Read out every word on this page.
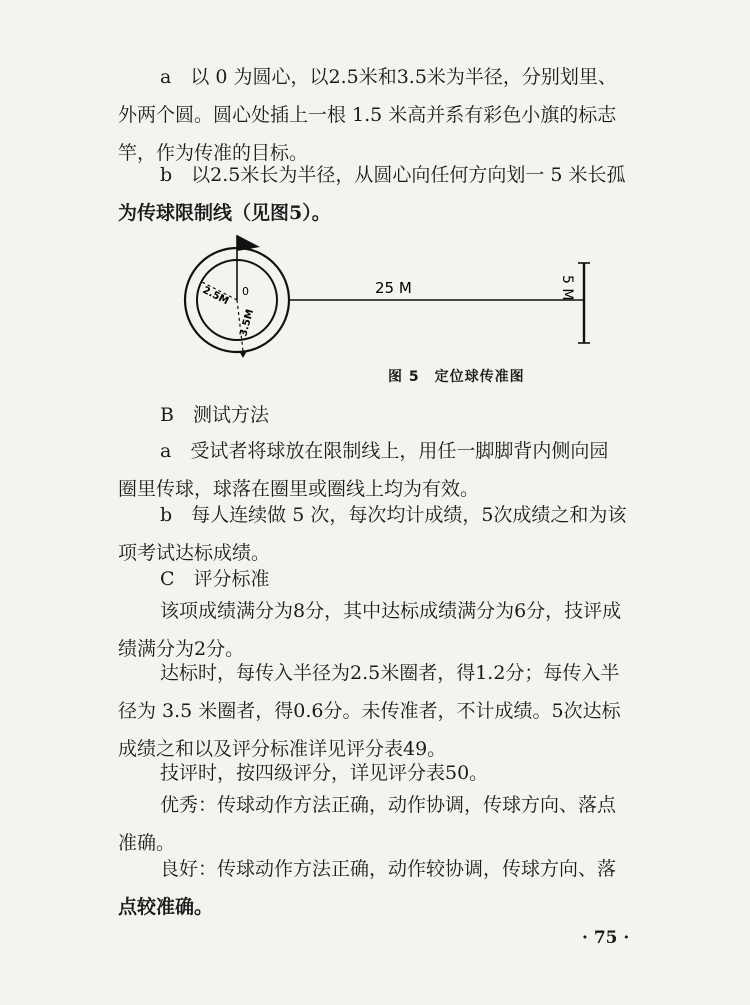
a　以 0 为圆心，以2.5米和3.5米为半径，分别划里、
外两个圆。圆心处插上一根 1.5 米高并系有彩色小旗的标志
竿，作为传准的目标。
b　以2.5米长为半径，从圆心向任何方向划一 5 米长孤
为传球限制线（见图5）。
0	25 M
2.5M
3.5M
5 M
图 5　定位球传准图
B　测试方法
a　受试者将球放在限制线上，用任一脚脚背内侧向园
圈里传球，球落在圈里或圈线上均为有效。
b　每人连续做 5 次，每次均计成绩，5次成绩之和为该
项考试达标成绩。
C　评分标准
该项成绩满分为8分，其中达标成绩满分为6分，技评成
绩满分为2分。
达标时，每传入半径为2.5米圈者，得1.2分；每传入半
径为 3.5 米圈者，得0.6分。未传准者，不计成绩。5次达标
成绩之和以及评分标准详见评分表49。
技评时，按四级评分，详见评分表50。
优秀：传球动作方法正确，动作协调，传球方向、落点
准确。
良好：传球动作方法正确，动作较协调，传球方向、落
点较准确。
· 75 ·
